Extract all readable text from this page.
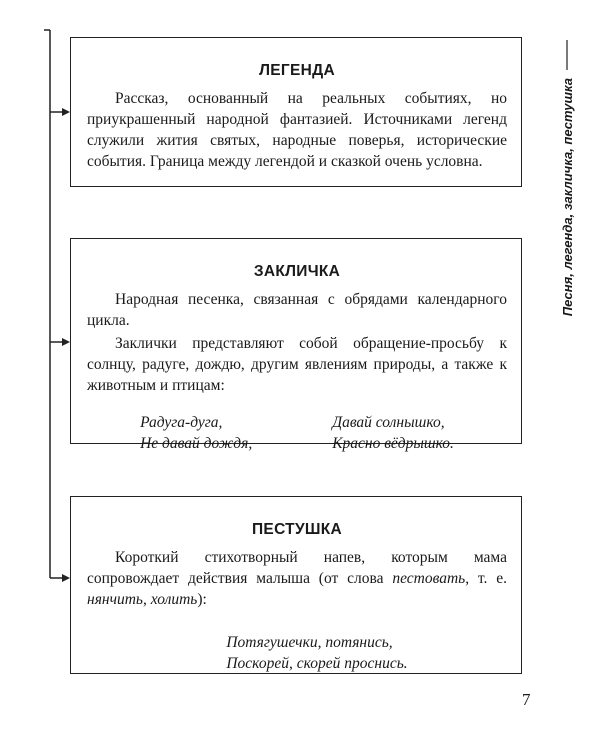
ЛЕГЕНДА

Рассказ, основанный на реальных событиях, но приукрашенный народной фантазией. Источниками легенд служили жития святых, народные поверья, исторические события. Граница между легендой и сказкой очень условна.

ЗАКЛИЧКА

Народная песенка, связанная с обрядами календарного цикла.

Заклички представляют собой обращение-просьбу к солнцу, радуге, дождю, другим явлениям природы, а также к животным и птицам:

Радуга-дуга,
Не давай дождя,
Давай солнышко,
Красно вёдрышко.
ПЕСТУШКА

Короткий стихотворный напев, которым мама сопровождает действия малыша (от слова пестовать, т. е. нянчить, холить):

Потягушечки, потянись,
Поскорей, скорей проснись.
Песня, легенда, закличка, пестушка
7
